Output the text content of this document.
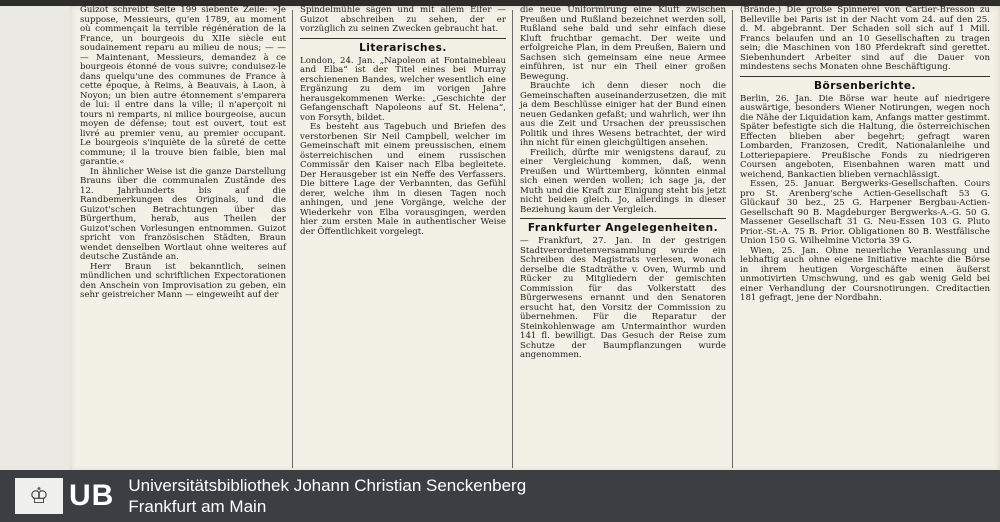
Guizot schreibt Seite 199 siebente Zeile: »Je suppose, Messieurs, qu'en 1789, au moment où commençait la terrible régénération de la France, un bourgeois du XIIe siècle eut soudainement reparu au milieu de nous; — — — Maintenant, Messieurs, demandez à ce bourgeois étonné de vous suivre; conduisez-le dans quelqu'une des communes de France à cette époque, à Reims, à Beauvais, à Laon, à Noyon; un bien autre étonnement s'emparera de lui: il entre dans la ville; il n'aperçoit ni tours ni remparts, ni milice bourgeoise, aucun moyen de défense; tout est ouvert, tout est livré au premier venu, au premier occupant. Le bourgeois s'inquiète de la sûreté de cette commune; il la trouve bien faible, bien mal garantie.«

In ähnlicher Weise ist die ganze Darstellung Brauns über die communalen Zustände des 12. Jahrhunderts bis auf die Randbemerkungen des Originals, und die Guizot'schen Betrachtungen über das Bürgerthum, herab, aus Theilen der Guizot'schen Vorlesungen entnommen. Guizot spricht von französischen Städten, Braun wendet denselben Wortlaut ohne weiteres auf deutsche Zustände an.

Herr Braun ist bekanntlich, seinen mündlichen und schriftlichen Expectorationen den Anschein von Improvisation zu geben, ein sehr geistreicher Mann — eingeweiht auf der

Spindelmühle sägen und mit allem Eifer — Guizot abschreiben zu sehen, der er vorzüglich zu seinen Zwecken gebraucht hat.

Literarisches.

London, 24. Jan. „Napoleon at Fontainebleau and Elba“ ist der Titel eines bei Murray erschienenen Bandes, welcher wesentlich eine Ergänzung zu dem im vorigen Jahre herausgekommenen Werke: „Geschichte der Gefangenschaft Napoleons auf St. Helena“, von Forsyth, bildet.

Es besteht aus Tagebuch und Briefen des verstorbenen Sir Neil Campbell, welcher im Gemeinschaft mit einem preussischen, einem österreichischen und einem russischen Commissär den Kaiser nach Elba begleitete. Der Herausgeber ist ein Neffe des Verfassers. Die bittere Lage der Verbannten, das Gefühl derer, welche ihm in diesen Tagen noch anhingen, und jene Vorgänge, welche der Wiederkehr von Elba vorausgingen, werden hier zum ersten Male in authentischer Weise der Öffentlichkeit vorgelegt.

die neue Uniformirung eine Kluft zwischen Preußen und Rußland bezeichnet werden soll, Rußland sehe bald und sehr einfach diese Kluft fruchtbar gemacht. Der weite und erfolgreiche Plan, in dem Preußen, Baiern und Sachsen sich gemeinsam eine neue Armee einführen, ist nur ein Theil einer großen Bewegung.

Brauchte ich denn dieser noch die Gemeinschaften auseinanderzusetzen, die mit ja dem Beschlüsse einiger hat der Bund einen neuen Gedanken gefaßt; und wahrlich, wer ihn aus die Zeit und Ursachen der preussischen Politik und ihres Wesens betrachtet, der wird ihn nicht für einen gleichgültigen ansehen.

Freilich, dürfte mir wenigstens darauf, zu einer Vergleichung kommen, daß, wenn Preußen und Württemberg, könnten einmal sich einen werden wollen; ich sage ja, der Muth und die Kraft zur Einigung steht bis jetzt nicht beiden gleich. Jo, allerdings in dieser Beziehung kaum der Vergleich.

Frankfurter Angelegenheiten.

— Frankfurt, 27. Jan. In der gestrigen Stadtverordnetenversammlung wurde ein Schreiben des Magistrats verlesen, wonach derselbe die Stadträthe v. Oven, Wurmb und Rücker zu Mitgliedern der gemischten Commission für das Volkerstatt des Bürgerwesens ernannt und den Senatoren ersucht hat, den Vorsitz der Commission zu übernehmen. Für die Reparatur der Steinkohlenwage am Untermainthor wurden 141 fl. bewilligt. Das Gesuch der Reise zum Schutze der Baumpflanzungen wurde angenommen.

(Brände.) Die große Spinnerei von Cartier-Bresson zu Belleville bei Paris ist in der Nacht vom 24. auf den 25. d. M. abgebrannt. Der Schaden soll sich auf 1 Mill. Francs belaufen und an 10 Gesellschaften zu tragen sein; die Maschinen von 180 Pferdekraft sind gerettet. Siebenhundert Arbeiter sind auf die Dauer von mindestens sechs Monaten ohne Beschäftigung.

Börsenberichte.

Berlin, 26. Jan. Die Börse war heute auf niedrigere auswärtige, besonders Wiener Notirungen, wegen noch die Nähe der Liquidation kam, Anfangs matter gestimmt. Später befestigte sich die Haltung, die österreichischen Effecten blieben aber begehrt; gefragt waren Lombarden, Franzosen, Credit, Nationalanleihe und Lotteriepapiere. Preußische Fonds zu niedrigeren Coursen angeboten, Eisenbahnen waren matt und weichend, Bankactien blieben vernachlässigt.

Essen, 25. Januar. Bergwerks-Gesellschaften. Cours pro St. Arenberg'sche Actien-Gesellschaft 53 G. Glückauf 30 bez., 25 G. Harpener Bergbau-Actien-Gesellschaft 90 B. Magdeburger Bergwerks-A.-G. 50 G. Massener Gesellschaft 31 G. Neu-Essen 103 G. Pluto Prior.-St.-A. 75 B. Prior. Obligationen 80 B. Westfälische Union 150 G. Wilhelmine Victoria 39 G.

Wien, 25. Jan. Ohne neuerliche Veranlassung und lebhaftig auch ohne eigene Initiative machte die Börse in ihrem heutigen Vorgeschäfte einen äußerst unmotivirten Umschwung, und es gab wenig Geld bei einer Verhandlung der Coursnotirungen. Creditactien 181 gefragt, jene der Nordbahn.

♔ UB Universitätsbibliothek Johann Christian Senckenberg
Frankfurt am Main
